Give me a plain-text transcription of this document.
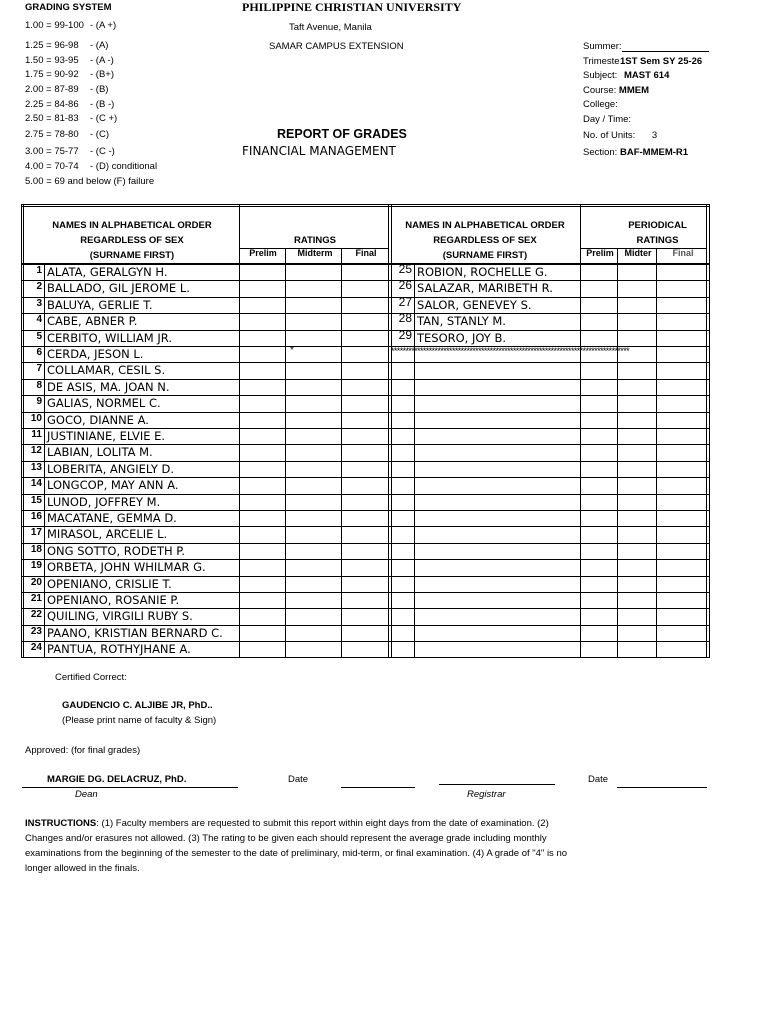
GRADING SYSTEM
1.00 = 99-100 - (A +)
1.25 = 96-98 - (A)
1.50 = 93-95 - (A -)
1.75 = 90-92 - (B+)
2.00 = 87-89 - (B)
2.25 = 84-86 - (B -)
2.50 = 81-83 - (C +)
2.75 = 78-80 - (C)
3.00 = 75-77 - (C -)
4.00 = 70-74 - (D) conditional
5.00 = 69 and below (F) failure
PHILIPPINE CHRISTIAN UNIVERSITY
Taft Avenue, Manila
SAMAR CAMPUS EXTENSION
REPORT OF GRADES
FINANCIAL MANAGEMENT
Summer:
Trimeste1ST Sem SY 25-26
Subject: MAST 614
Course: MMEM
College:
Day / Time:
No. of Units: 3
Section: BAF-MMEM-R1
NAMES IN ALPHABETICAL ORDER
REGARDLESS OF SEX
(SURNAME FIRST)
RATINGS
NAMES IN ALPHABETICAL ORDER
REGARDLESS OF SEX
(SURNAME FIRST)
PERIODICAL
RATINGS
Prelim	Midterm	Final	Prelim	Midter	Final
1 ALATA, GERALGYN H.
2 BALLADO, GIL JEROME L.
3 BALUYA, GERLIE T.
4 CABE, ABNER P.
5 CERBITO, WILLIAM JR.
6 CERDA, JESON L.
7 COLLAMAR, CESIL S.
8 DE ASIS, MA. JOAN N.
9 GALIAS, NORMEL C.
10 GOCO, DIANNE A.
11 JUSTINIANE, ELVIE E.
12 LABIAN, LOLITA M.
13 LOBERITA, ANGIELY D.
14 LONGCOP, MAY ANN A.
15 LUNOD, JOFFREY M.
16 MACATANE, GEMMA D.
17 MIRASOL, ARCELIE L.
18 ONG SOTTO, RODETH P.
19 ORBETA, JOHN WHILMAR G.
20 OPENIANO, CRISLIE T.
21 OPENIANO, ROSANIE P.
22 QUILING, VIRGILI RUBY S.
23 PAANO, KRISTIAN BERNARD C.
24 PANTUA, ROTHYJHANE A.
25 ROBION, ROCHELLE G.
26 SALAZAR, MARIBETH R.
27 SALOR, GENEVEY S.
28 TAN, STANLY M.
29 TESORO, JOY B.
*	**********************************************************************************
Certified Correct:
GAUDENCIO C. ALJIBE JR, PhD..
(Please print name of faculty & Sign)
Approved: (for final grades)
MARGIE DG. DELACRUZ, PhD.
Dean
Date
Registrar
Date
INSTRUCTIONS: (1) Faculty members are requested to submit this report within eight days from the date of examination. (2) Changes and/or erasures not allowed. (3) The rating to be given each should represent the average grade including monthly examinations from the beginning of the semester to the date of preliminary, mid-term, or final examination. (4) A grade of "4" is no longer allowed in the finals.
